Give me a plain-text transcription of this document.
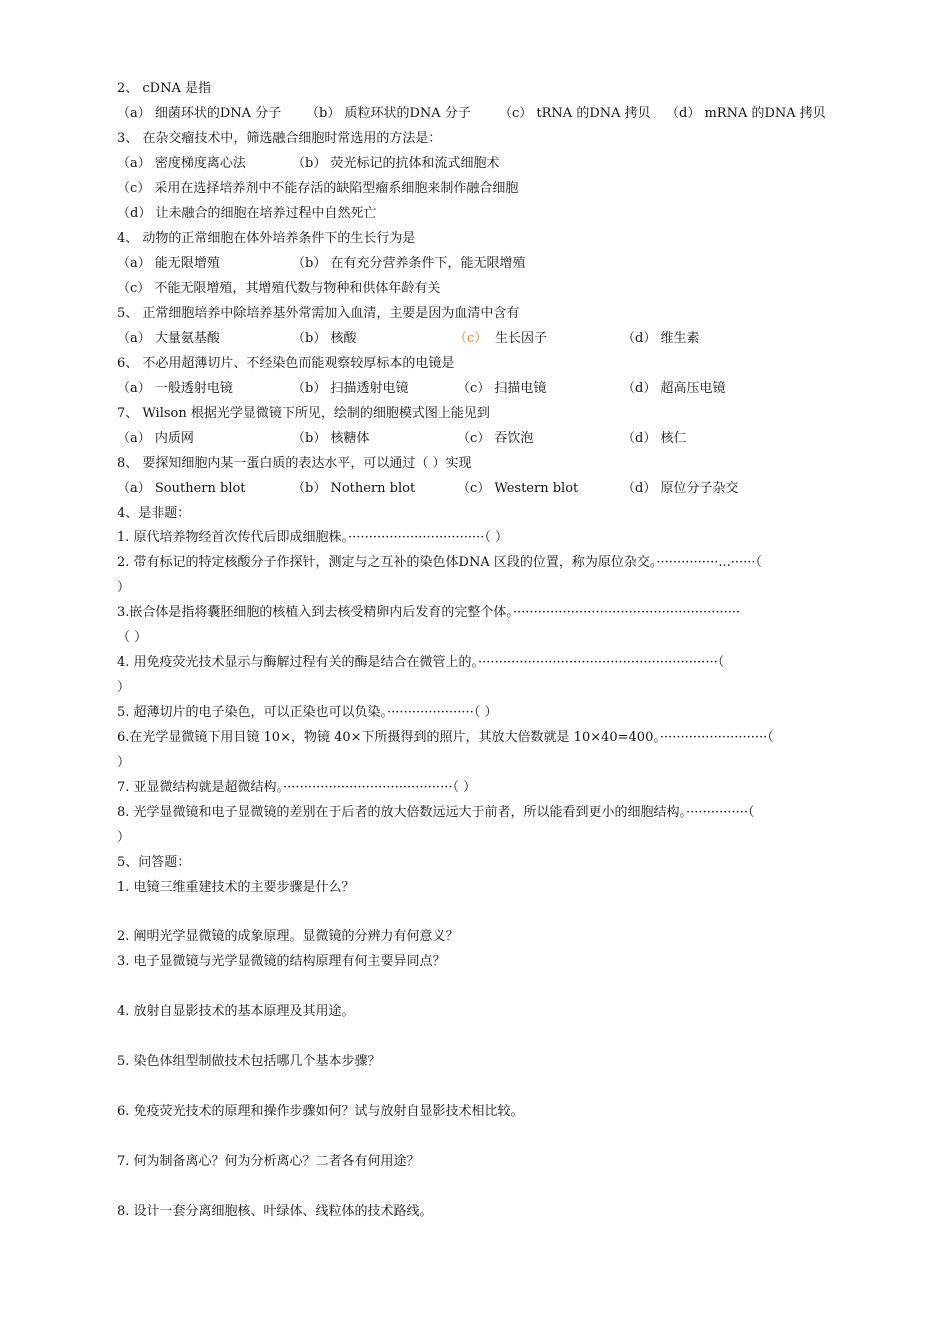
2、 cDNA 是指
（a） 细菌环状的DNA 分子 （b） 质粒环状的DNA 分子 （c） tRNA 的DNA 拷贝 （d） mRNA 的DNA 拷贝
3、 在杂交瘤技术中，筛选融合细胞时常选用的方法是：
（a） 密度梯度离心法	（b） 荧光标记的抗体和流式细胞术
（c） 采用在选择培养剂中不能存活的缺陷型瘤系细胞来制作融合细胞
（d） 让未融合的细胞在培养过程中自然死亡
4、 动物的正常细胞在体外培养条件下的生长行为是
（a） 能无限增殖	（b） 在有充分营养条件下，能无限增殖
（c） 不能无限增殖，其增殖代数与物种和供体年龄有关
5、 正常细胞培养中除培养基外常需加入血清，主要是因为血清中含有
（a） 大量氨基酸	（b） 核酸	（c） 生长因子	（d） 维生素
6、 不必用超薄切片、不经染色而能观察较厚标本的电镜是
（a） 一般透射电镜	（b） 扫描透射电镜	（c） 扫描电镜	（d） 超高压电镜
7、 Wilson 根据光学显微镜下所见，绘制的细胞模式图上能见到
（a） 内质网	（b） 核糖体	（c） 吞饮泡	（d） 核仁
8、 要探知细胞内某一蛋白质的表达水平，可以通过（ ）实现
（a） Southern blot	（b） Nothern blot	（c） Western blot	（d） 原位分子杂交
4、是非题：
1. 原代培养物经首次传代后即成细胞株。·································（ ）
2. 带有标记的特定核酸分子作探针，测定与之互补的染色体DNA 区段的位置，称为原位杂交。···············...······（
）
3.嵌合体是指将囊胚细胞的核植入到去核受精卵内后发育的完整个体。·······················································
（ ）
4. 用免疫荧光技术显示与酶解过程有关的酶是结合在微管上的。··························································（
）
5. 超薄切片的电子染色，可以正染也可以负染。·····················（ ）
6.在光学显微镜下用目镜 10×，物镜 40×下所摄得到的照片，其放大倍数就是 10×40=400。··························（
）
7. 亚显微结构就是超微结构。·········································（ ）
8. 光学显微镜和电子显微镜的差别在于后者的放大倍数远远大于前者，所以能看到更小的细胞结构。···············（
）
5、问答题：
1. 电镜三维重建技术的主要步骤是什么？
2. 阐明光学显微镜的成象原理。显微镜的分辨力有何意义？
3. 电子显微镜与光学显微镜的结构原理有何主要异同点？
4. 放射自显影技术的基本原理及其用途。
5. 染色体组型制做技术包括哪几个基本步骤？
6. 免疫荧光技术的原理和操作步骤如何？试与放射自显影技术相比较。
7. 何为制备离心？何为分析离心？二者各有何用途？
8. 设计一套分离细胞核、叶绿体、线粒体的技术路线。
